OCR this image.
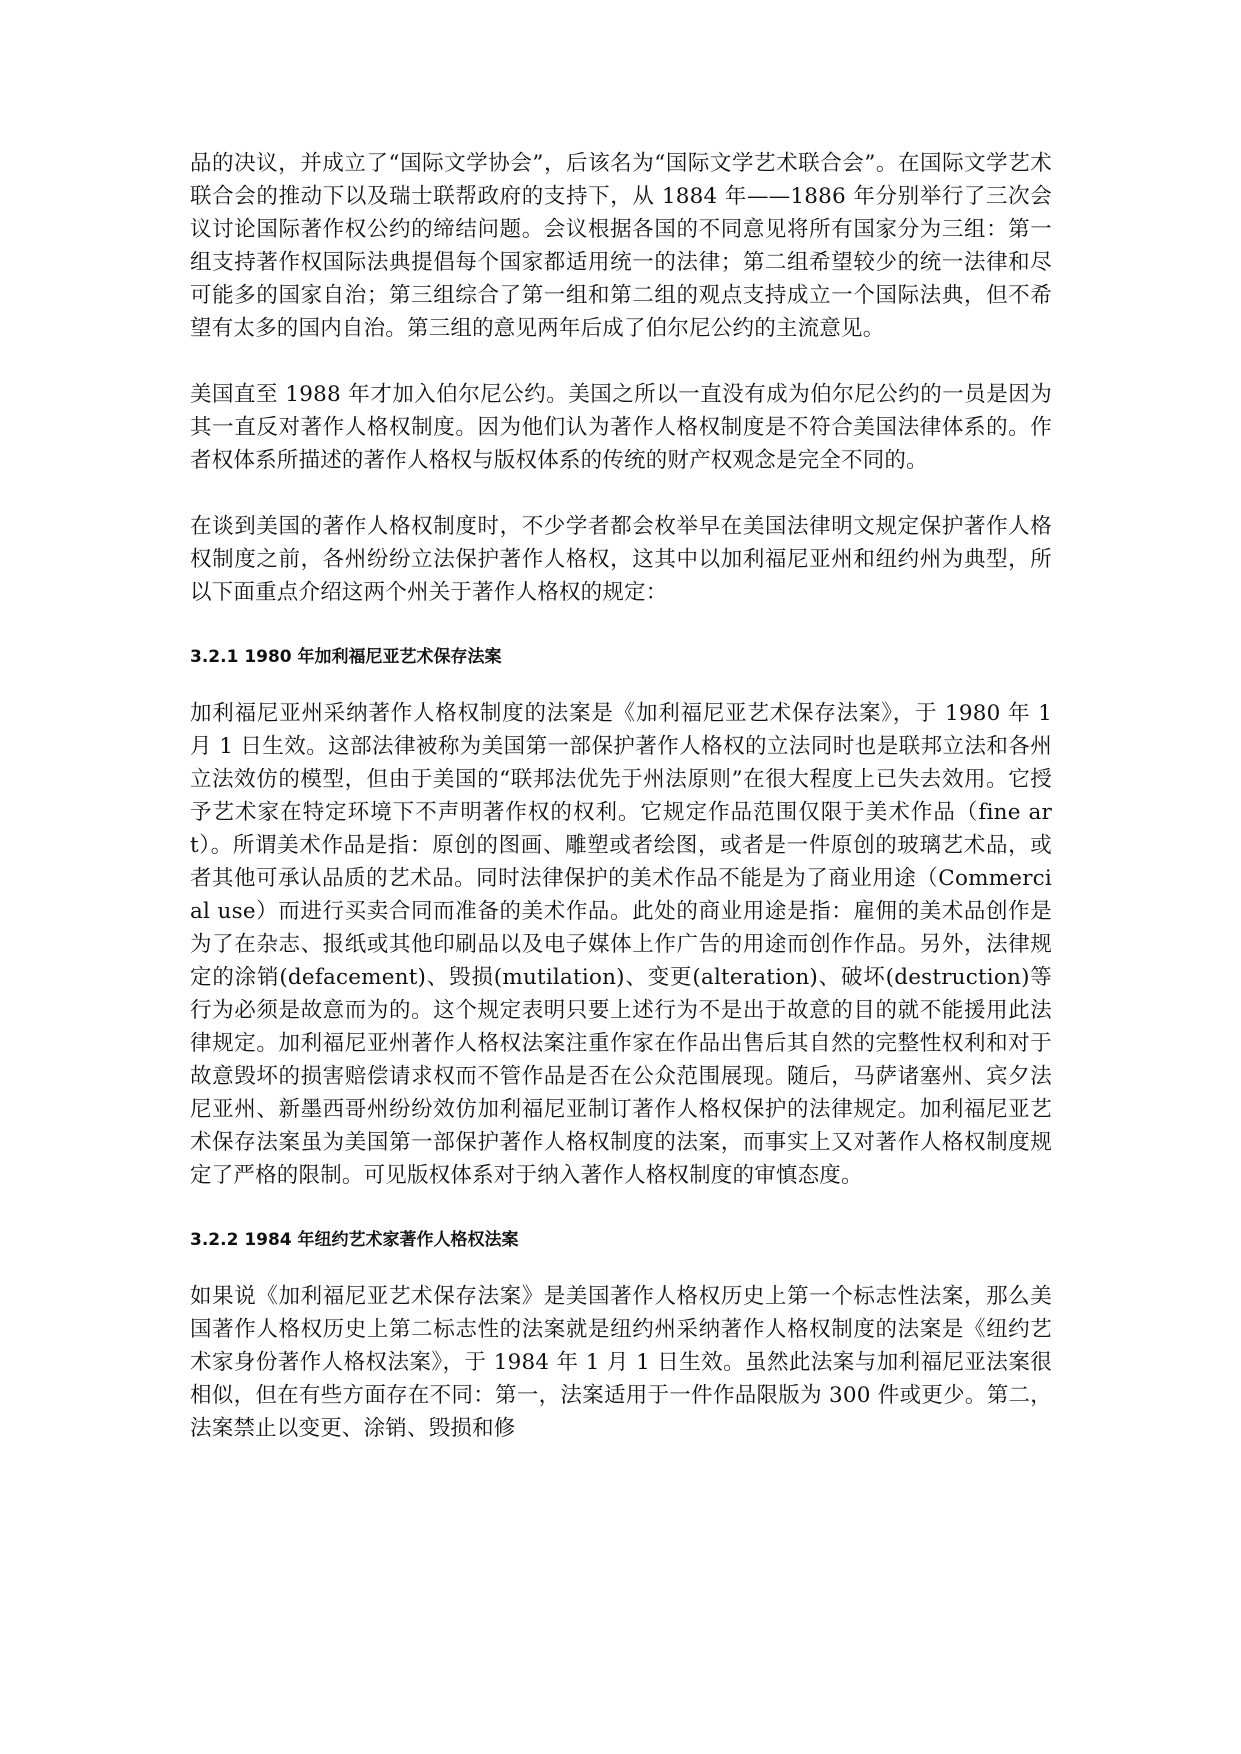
品的决议，并成立了“国际文学协会”，后该名为“国际文学艺术联合会”。在国际文学艺术联合会的推动下以及瑞士联帮政府的支持下，从 1884 年——1886 年分别举行了三次会议讨论国际著作权公约的缔结问题。会议根据各国的不同意见将所有国家分为三组：第一组支持著作权国际法典提倡每个国家都适用统一的法律；第二组希望较少的统一法律和尽可能多的国家自治；第三组综合了第一组和第二组的观点支持成立一个国际法典，但不希望有太多的国内自治。第三组的意见两年后成了伯尔尼公约的主流意见。

美国直至 1988 年才加入伯尔尼公约。美国之所以一直没有成为伯尔尼公约的一员是因为其一直反对著作人格权制度。因为他们认为著作人格权制度是不符合美国法律体系的。作者权体系所描述的著作人格权与版权体系的传统的财产权观念是完全不同的。

在谈到美国的著作人格权制度时，不少学者都会枚举早在美国法律明文规定保护著作人格权制度之前，各州纷纷立法保护著作人格权，这其中以加利福尼亚州和纽约州为典型，所以下面重点介绍这两个州关于著作人格权的规定：

3.2.1 1980 年加利福尼亚艺术保存法案

加利福尼亚州采纳著作人格权制度的法案是《加利福尼亚艺术保存法案》，于 1980 年 1 月 1 日生效。这部法律被称为美国第一部保护著作人格权的立法同时也是联邦立法和各州立法效仿的模型，但由于美国的“联邦法优先于州法原则”在很大程度上已失去效用。它授予艺术家在特定环境下不声明著作权的权利。它规定作品范围仅限于美术作品（fine art）。所谓美术作品是指：原创的图画、雕塑或者绘图，或者是一件原创的玻璃艺术品，或者其他可承认品质的艺术品。同时法律保护的美术作品不能是为了商业用途（Commercial use）而进行买卖合同而准备的美术作品。此处的商业用途是指：雇佣的美术品创作是为了在杂志、报纸或其他印刷品以及电子媒体上作广告的用途而创作作品。另外，法律规定的涂销(defacement)、毁损(mutilation)、变更(alteration)、破坏(destruction)等行为必须是故意而为的。这个规定表明只要上述行为不是出于故意的目的就不能援用此法律规定。加利福尼亚州著作人格权法案注重作家在作品出售后其自然的完整性权利和对于故意毁坏的损害赔偿请求权而不管作品是否在公众范围展现。随后，马萨诸塞州、宾夕法尼亚州、新墨西哥州纷纷效仿加利福尼亚制订著作人格权保护的法律规定。加利福尼亚艺术保存法案虽为美国第一部保护著作人格权制度的法案，而事实上又对著作人格权制度规定了严格的限制。可见版权体系对于纳入著作人格权制度的审慎态度。

3.2.2 1984 年纽约艺术家著作人格权法案

如果说《加利福尼亚艺术保存法案》是美国著作人格权历史上第一个标志性法案，那么美国著作人格权历史上第二标志性的法案就是纽约州采纳著作人格权制度的法案是《纽约艺术家身份著作人格权法案》，于 1984 年 1 月 1 日生效。虽然此法案与加利福尼亚法案很相似，但在有些方面存在不同：第一，法案适用于一件作品限版为 300 件或更少。第二，法案禁止以变更、涂销、毁损和修
